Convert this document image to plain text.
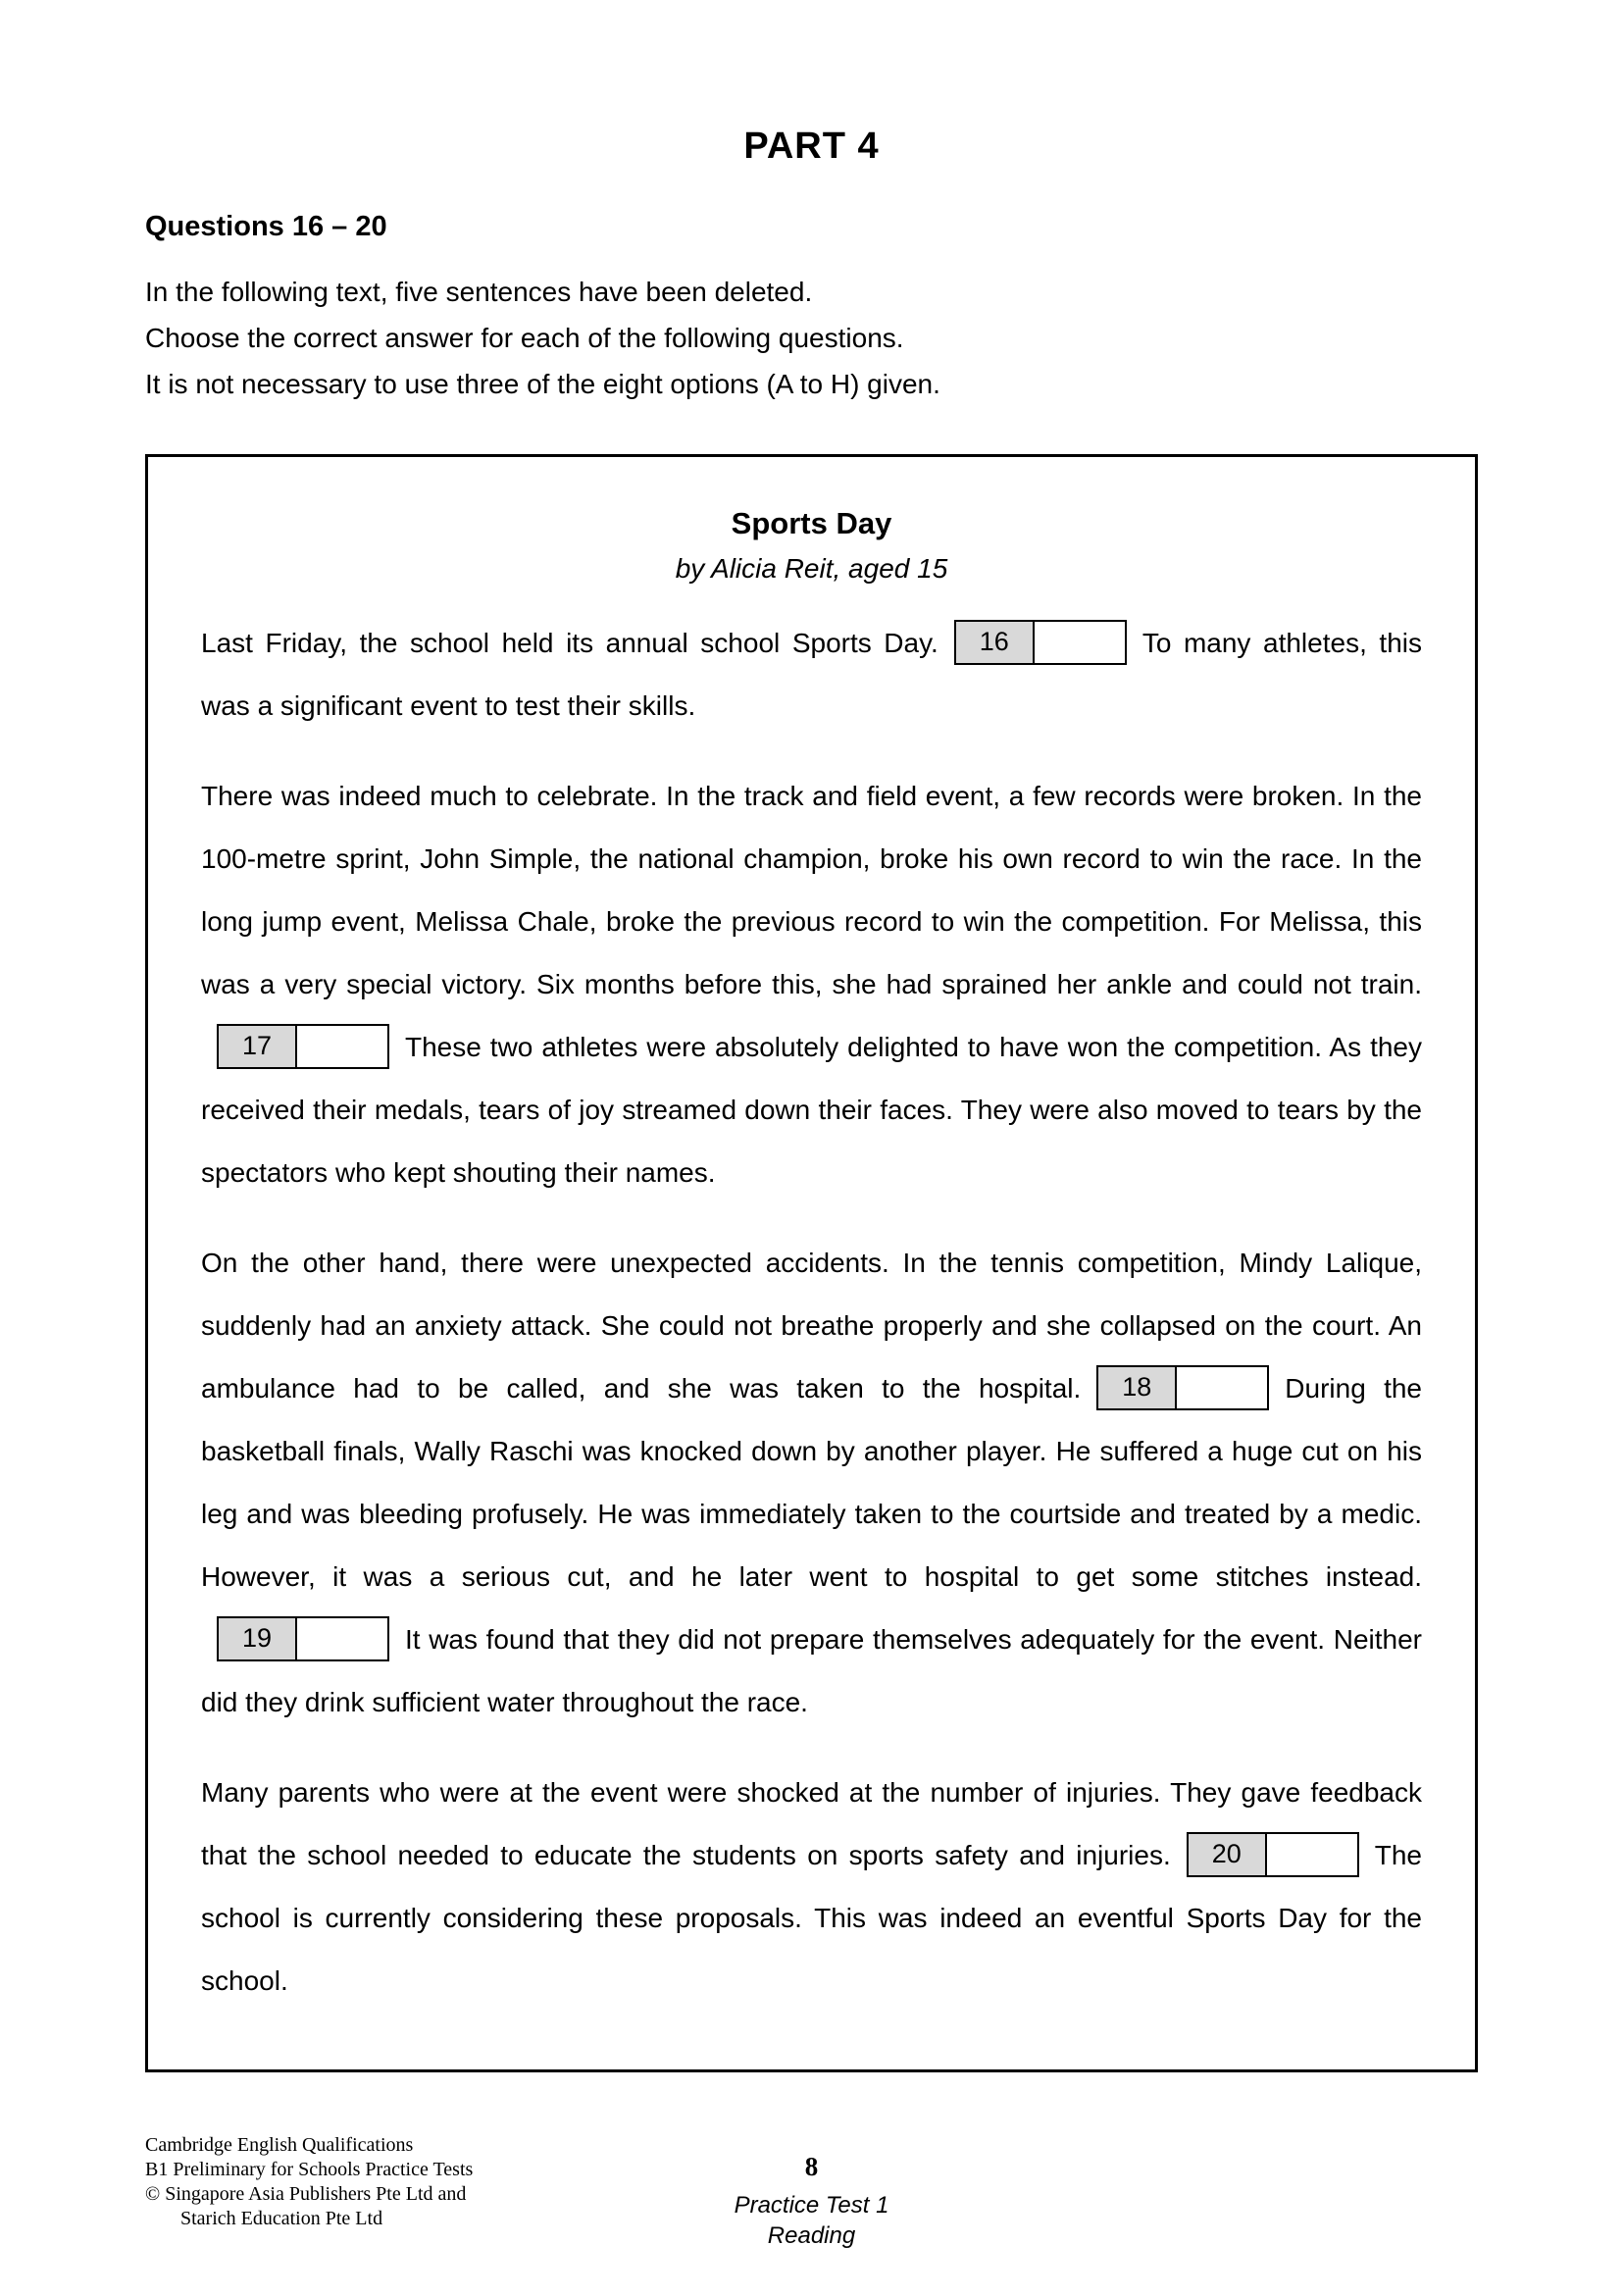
PART 4
Questions 16 – 20
In the following text, five sentences have been deleted.
Choose the correct answer for each of the following questions.
It is not necessary to use three of the eight options (A to H) given.
Sports Day
by Alicia Reit, aged 15

Last Friday, the school held its annual school Sports Day.	16	To many athletes, this was a significant event to test their skills.

There was indeed much to celebrate. In the track and field event, a few records were broken. In the 100-metre sprint, John Simple, the national champion, broke his own record to win the race. In the long jump event, Melissa Chale, broke the previous record to win the competition. For Melissa, this was a very special victory. Six months before this, she had sprained her ankle and could not train.
17	These two athletes were absolutely delighted to have won the competition. As they received their medals, tears of joy streamed down their faces. They were also moved to tears by the spectators who kept shouting their names.

On the other hand, there were unexpected accidents. In the tennis competition, Mindy Lalique, suddenly had an anxiety attack. She could not breathe properly and she collapsed on the court. An ambulance had to be called, and she was taken to the hospital.	18	During the basketball finals, Wally Raschi was knocked down by another player. He suffered a huge cut on his leg and was bleeding profusely. He was immediately taken to the courtside and treated by a medic. However, it was a serious cut, and he later went to hospital to get some stitches instead.
19	It was found that they did not prepare themselves adequately for the event. Neither did they drink sufficient water throughout the race.

Many parents who were at the event were shocked at the number of injuries. They gave feedback that the school needed to educate the students on sports safety and injuries.	20	The school is currently considering these proposals. This was indeed an eventful Sports Day for the school.

Cambridge English Qualifications
B1 Preliminary for Schools Practice Tests
© Singapore Asia Publishers Pte Ltd and
Starich Education Pte Ltd
8
Practice Test 1
Reading
